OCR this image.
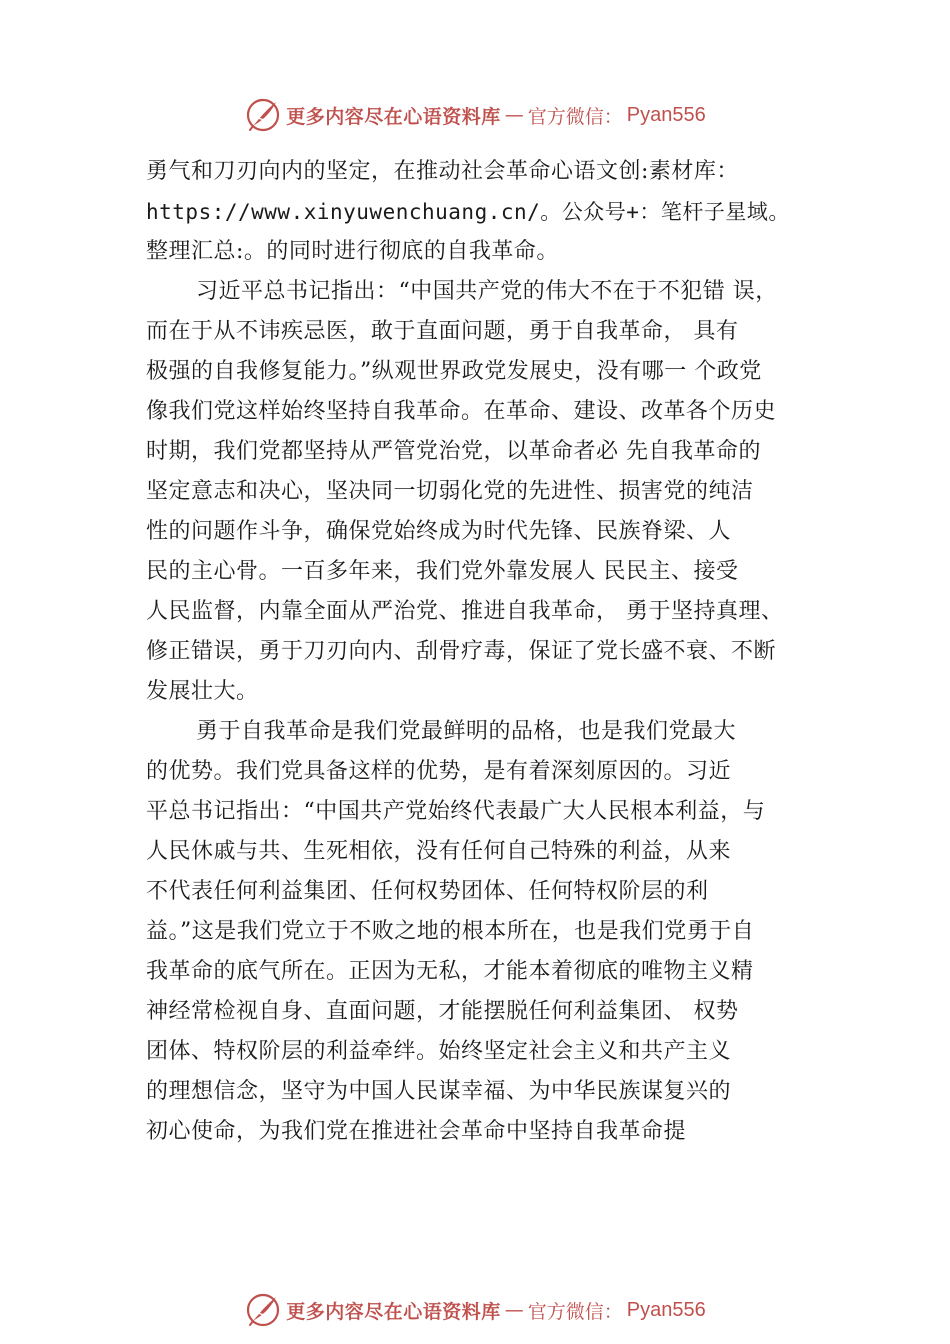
更多内容尽在心语资料库 — 官方微信： Pyan556
勇气和刀刃向内的坚定，在推动社会革命心语文创:素材库：
https://www.xinyuwenchuang.cn/。公众号+：笔杆子星域。
整理汇总:。的同时进行彻底的自我革命。
习近平总书记指出：“中国共产党的伟大不在于不犯错 误，
而在于从不讳疾忌医，敢于直面问题，勇于自我革命， 具有
极强的自我修复能力。”纵观世界政党发展史，没有哪一 个政党
像我们党这样始终坚持自我革命。在革命、建设、改革各个历史
时期，我们党都坚持从严管党治党，以革命者必 先自我革命的
坚定意志和决心，坚决同一切弱化党的先进性、损害党的纯洁
性的问题作斗争，确保党始终成为时代先锋、民族脊梁、人
民的主心骨。一百多年来，我们党外靠发展人 民民主、接受
人民监督，内靠全面从严治党、推进自我革命， 勇于坚持真理、
修正错误，勇于刀刃向内、刮骨疗毒，保证了党长盛不衰、不断
发展壮大。
勇于自我革命是我们党最鲜明的品格，也是我们党最大
的优势。我们党具备这样的优势，是有着深刻原因的。习近
平总书记指出：“中国共产党始终代表最广大人民根本利益，与
人民休戚与共、生死相依，没有任何自己特殊的利益，从来
不代表任何利益集团、任何权势团体、任何特权阶层的利
益。”这是我们党立于不败之地的根本所在，也是我们党勇于自
我革命的底气所在。正因为无私，才能本着彻底的唯物主义精
神经常检视自身、直面问题，才能摆脱任何利益集团、 权势
团体、特权阶层的利益牵绊。始终坚定社会主义和共产主义
的理想信念，坚守为中国人民谋幸福、为中华民族谋复兴的
初心使命，为我们党在推进社会革命中坚持自我革命提
更多内容尽在心语资料库 — 官方微信： Pyan556
